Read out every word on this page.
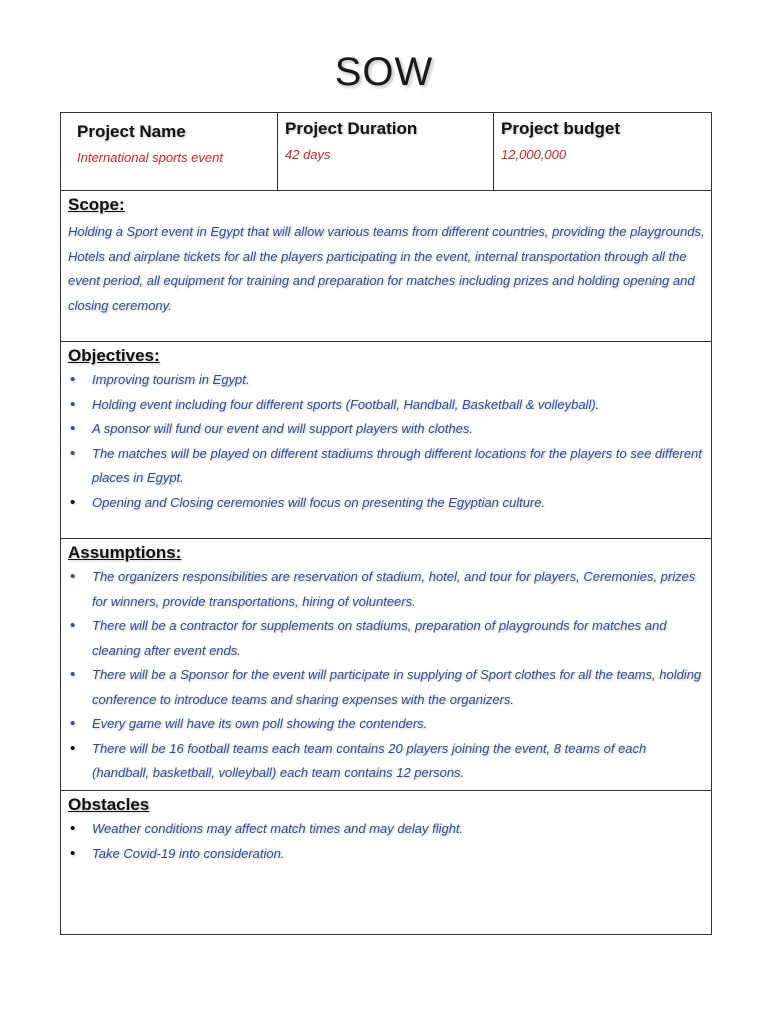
SOW
Project Name
International sports event

Project Duration
42 days

Project budget
12,000,000

Scope:

Holding a Sport event in Egypt that will allow various teams from different countries, providing the playgrounds, Hotels and airplane tickets for all the players participating in the event, internal transportation through all the event period, all equipment for training and preparation for matches including prizes and holding opening and closing ceremony.

Objectives:
• Improving tourism in Egypt.
• Holding event including four different sports (Football, Handball, Basketball & volleyball).
• A sponsor will fund our event and will support players with clothes.
• The matches will be played on different stadiums through different locations for the players to see different places in Egypt.
• Opening and Closing ceremonies will focus on presenting the Egyptian culture.

Assumptions:
• The organizers responsibilities are reservation of stadium, hotel, and tour for players, Ceremonies, prizes for winners, provide transportations, hiring of volunteers.
• There will be a contractor for supplements on stadiums, preparation of playgrounds for matches and cleaning after event ends.
• There will be a Sponsor for the event will participate in supplying of Sport clothes for all the teams, holding conference to introduce teams and sharing expenses with the organizers.
• Every game will have its own poll showing the contenders.
• There will be 16 football teams each team contains 20 players joining the event, 8 teams of each (handball, basketball, volleyball) each team contains 12 persons.

Obstacles
• Weather conditions may affect match times and may delay flight.
• Take Covid-19 into consideration.
